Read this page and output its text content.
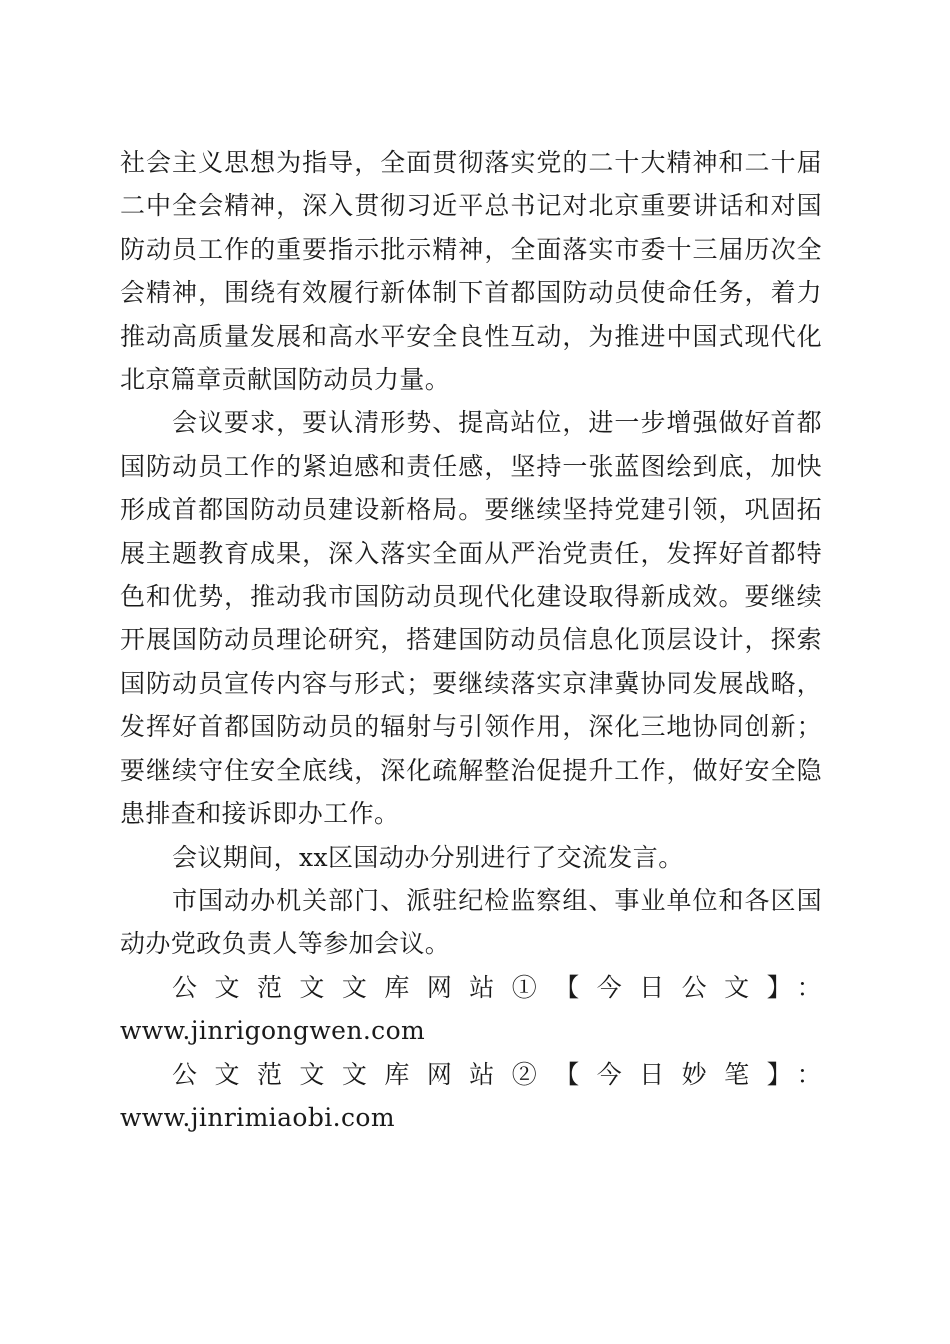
社会主义思想为指导，全面贯彻落实党的二十大精神和二十届二中全会精神，深入贯彻习近平总书记对北京重要讲话和对国防动员工作的重要指示批示精神，全面落实市委十三届历次全会精神，围绕有效履行新体制下首都国防动员使命任务，着力推动高质量发展和高水平安全良性互动，为推进中国式现代化北京篇章贡献国防动员力量。

会议要求，要认清形势、提高站位，进一步增强做好首都国防动员工作的紧迫感和责任感，坚持一张蓝图绘到底，加快形成首都国防动员建设新格局。要继续坚持党建引领，巩固拓展主题教育成果，深入落实全面从严治党责任，发挥好首都特色和优势，推动我市国防动员现代化建设取得新成效。要继续开展国防动员理论研究，搭建国防动员信息化顶层设计，探索国防动员宣传内容与形式；要继续落实京津冀协同发展战略，发挥好首都国防动员的辐射与引领作用，深化三地协同创新；要继续守住安全底线，深化疏解整治促提升工作，做好安全隐患排查和接诉即办工作。

会议期间，xx区国动办分别进行了交流发言。

市国动办机关部门、派驻纪检监察组、事业单位和各区国动办党政负责人等参加会议。

公文范文文库网站①【今日公文】：
www.jinrigongwen.com

公文范文文库网站②【今日妙笔】：www.jinrimiaobi.com
